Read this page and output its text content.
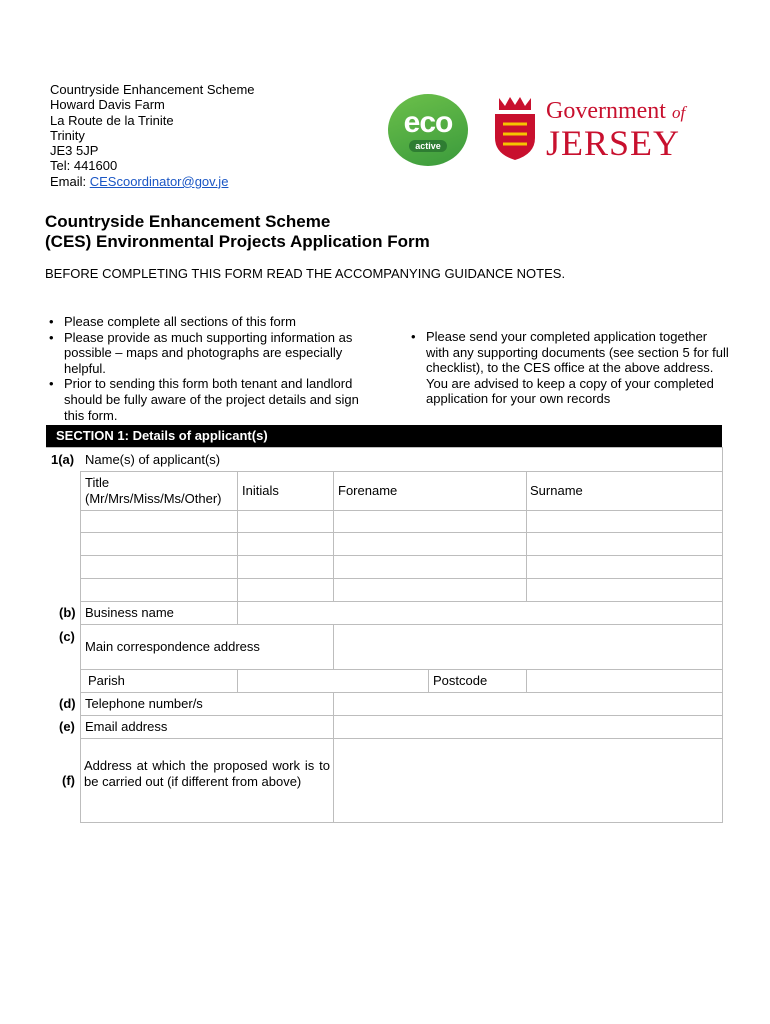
Countryside Enhancement Scheme
Howard Davis Farm
La Route de la Trinite
Trinity
JE3 5JP
Tel: 441600
Email: CEScoordinator@gov.je
eco
active
Government of
JERSEY
Countryside Enhancement Scheme
(CES) Environmental Projects Application Form
BEFORE COMPLETING THIS FORM READ THE ACCOMPANYING GUIDANCE NOTES.
• Please complete all sections of this form
• Please provide as much supporting information as possible – maps and photographs are especially helpful.
• Prior to sending this form both tenant and landlord should be fully aware of the project details and sign this form.
• Please send your completed application together with any supporting documents (see section 5 for full checklist), to the CES office at the above address. You are advised to keep a copy of your completed application for your own records
SECTION 1: Details of applicant(s)
1(a) Name(s) of applicant(s)
Title
(Mr/Mrs/Miss/Ms/Other)
Initials	Forename	Surname
(b) Business name
(c)
Main correspondence address
Parish	Postcode
(d) Telephone number/s
(e) Email address
(f)
Address at which the proposed work is to be carried out (if different from above)
